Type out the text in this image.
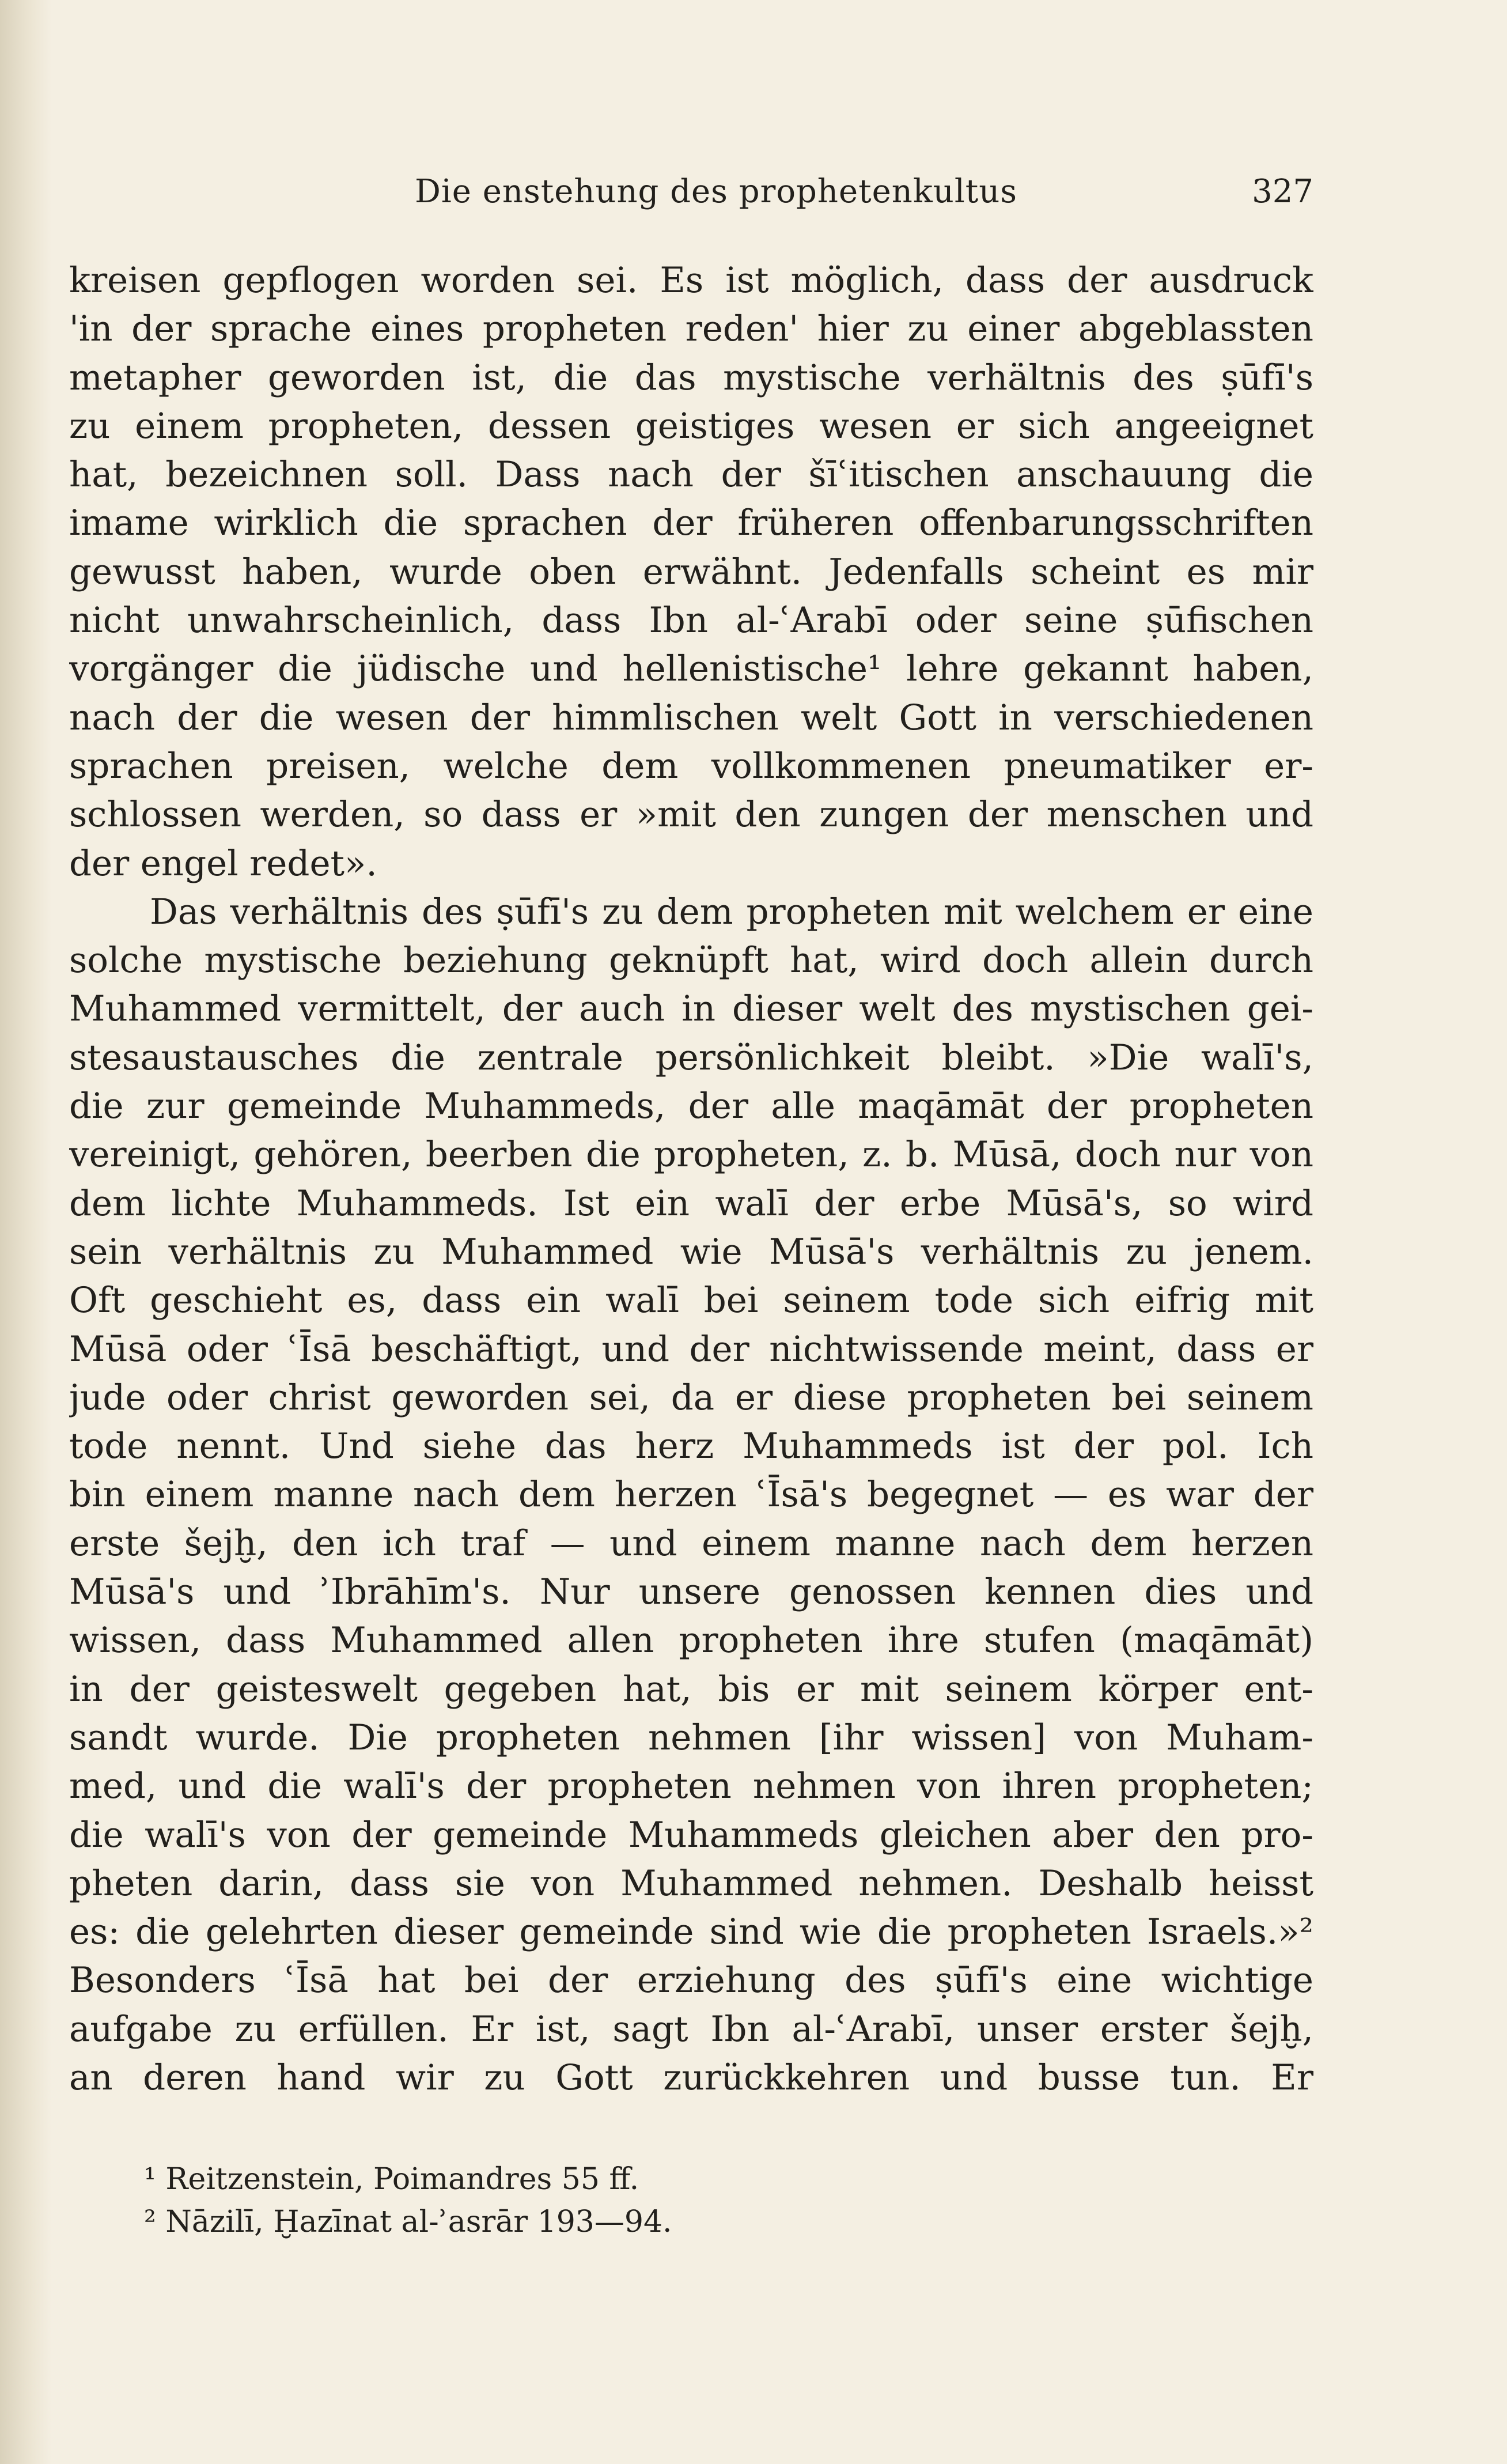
Die enstehung des prophetenkultus	327
kreisen gepflogen worden sei. Es ist möglich, dass der ausdruck
'in der sprache eines propheten reden' hier zu einer abgeblassten
metapher geworden ist, die das mystische verhältnis des ṣūfī's
zu einem propheten, dessen geistiges wesen er sich angeeignet
hat, bezeichnen soll. Dass nach der šīʿitischen anschauung die
imame wirklich die sprachen der früheren offenbarungsschriften
gewusst haben, wurde oben erwähnt. Jedenfalls scheint es mir
nicht unwahrscheinlich, dass Ibn al-ʿArabī oder seine ṣūfischen
vorgänger die jüdische und hellenistische¹ lehre gekannt haben,
nach der die wesen der himmlischen welt Gott in verschiedenen
sprachen preisen, welche dem vollkommenen pneumatiker er-
schlossen werden, so dass er »mit den zungen der menschen und
der engel redet».
Das verhältnis des ṣūfī's zu dem propheten mit welchem er eine
solche mystische beziehung geknüpft hat, wird doch allein durch
Muhammed vermittelt, der auch in dieser welt des mystischen gei-
stesaustausches die zentrale persönlichkeit bleibt. »Die walī's,
die zur gemeinde Muhammeds, der alle maqāmāt der propheten
vereinigt, gehören, beerben die propheten, z. b. Mūsā, doch nur von
dem lichte Muhammeds. Ist ein walī der erbe Mūsā's, so wird
sein verhältnis zu Muhammed wie Mūsā's verhältnis zu jenem.
Oft geschieht es, dass ein walī bei seinem tode sich eifrig mit
Mūsā oder ʿĪsā beschäftigt, und der nichtwissende meint, dass er
jude oder christ geworden sei, da er diese propheten bei seinem
tode nennt. Und siehe das herz Muhammeds ist der pol. Ich
bin einem manne nach dem herzen ʿĪsā's begegnet — es war der
erste šejḫ, den ich traf — und einem manne nach dem herzen
Mūsā's und ʾIbrāhīm's. Nur unsere genossen kennen dies und
wissen, dass Muhammed allen propheten ihre stufen (maqāmāt)
in der geisteswelt gegeben hat, bis er mit seinem körper ent-
sandt wurde. Die propheten nehmen [ihr wissen] von Muham-
med, und die walī's der propheten nehmen von ihren propheten;
die walī's von der gemeinde Muhammeds gleichen aber den pro-
pheten darin, dass sie von Muhammed nehmen. Deshalb heisst
es: die gelehrten dieser gemeinde sind wie die propheten Israels.»²
Besonders ʿĪsā hat bei der erziehung des ṣūfī's eine wichtige
aufgabe zu erfüllen. Er ist, sagt Ibn al-ʿArabī, unser erster šejḫ,
an deren hand wir zu Gott zurückkehren und busse tun. Er
¹ Reitzenstein, Poimandres 55 ff.
² Nāzilī, Ḫazīnat al-ʾasrār 193—94.
